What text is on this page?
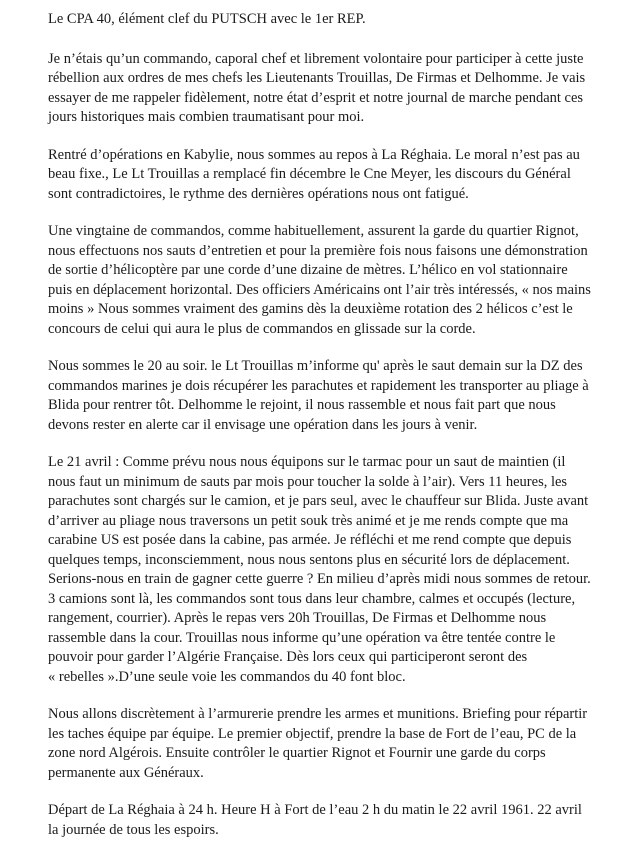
Le CPA 40, élément clef du PUTSCH avec le 1er REP.

Je n’étais qu’un commando, caporal chef et librement volontaire pour participer à cette juste
rébellion aux ordres de mes chefs les Lieutenants Trouillas, De Firmas et Delhomme. Je vais
essayer de me rappeler fidèlement, notre état d’esprit et notre journal de marche pendant ces
jours historiques mais combien traumatisant pour moi.

Rentré d’opérations en Kabylie, nous sommes au repos à La Réghaia. Le moral n’est pas au
beau fixe., Le Lt Trouillas a remplacé fin décembre le Cne Meyer, les discours du Général
sont contradictoires, le rythme des dernières opérations nous ont fatigué.

Une vingtaine de commandos, comme habituellement, assurent la garde du quartier Rignot,
nous effectuons nos sauts d’entretien et pour la première fois nous faisons une démonstration
de sortie d’hélicoptère par une corde d’une dizaine de mètres. L’hélico en vol stationnaire
puis en déplacement horizontal. Des officiers Américains ont l’air très intéressés, « nos mains
moins » Nous sommes vraiment des gamins dès la deuxième rotation des 2 hélicos c’est le
concours de celui qui aura le plus de commandos en glissade sur la corde.

Nous sommes le 20 au soir. le Lt Trouillas m’informe qu' après le saut demain sur la DZ des
commandos marines je dois récupérer les parachutes et rapidement les transporter au pliage à
Blida pour rentrer tôt. Delhomme le rejoint, il nous rassemble et nous fait part que nous
devons rester en alerte car il envisage une opération dans les jours à venir.

Le 21 avril : Comme prévu nous nous équipons sur le tarmac pour un saut de maintien (il
nous faut un minimum de sauts par mois pour toucher la solde à l’air). Vers 11 heures, les
parachutes sont chargés sur le camion, et je pars seul, avec le chauffeur sur Blida. Juste avant
d’arriver au pliage nous traversons un petit souk très animé et je me rends compte que ma
carabine US est posée dans la cabine, pas armée. Je réfléchi et me rend compte que depuis
quelques temps, inconsciemment, nous nous sentons plus en sécurité lors de déplacement.
Serions-nous en train de gagner cette guerre ? En milieu d’après midi nous sommes de retour.
3 camions sont là, les commandos sont tous dans leur chambre, calmes et occupés (lecture,
rangement, courrier). Après le repas vers 20h Trouillas, De Firmas et Delhomme nous
rassemble dans la cour. Trouillas nous informe qu’une opération va être tentée contre le
pouvoir pour garder l’Algérie Française. Dès lors ceux qui participeront seront des
« rebelles ».D’une seule voie les commandos du 40 font bloc.

Nous allons discrètement à l’armurerie prendre les armes et munitions. Briefing pour répartir
les taches équipe par équipe. Le premier objectif, prendre la base de Fort de l’eau, PC de la
zone nord Algérois. Ensuite contrôler le quartier Rignot et Fournir une garde du corps
permanente aux Généraux.

Départ de La Réghaia à 24 h. Heure H à Fort de l’eau 2 h du matin le 22 avril 1961. 22 avril
la journée de tous les espoirs.
